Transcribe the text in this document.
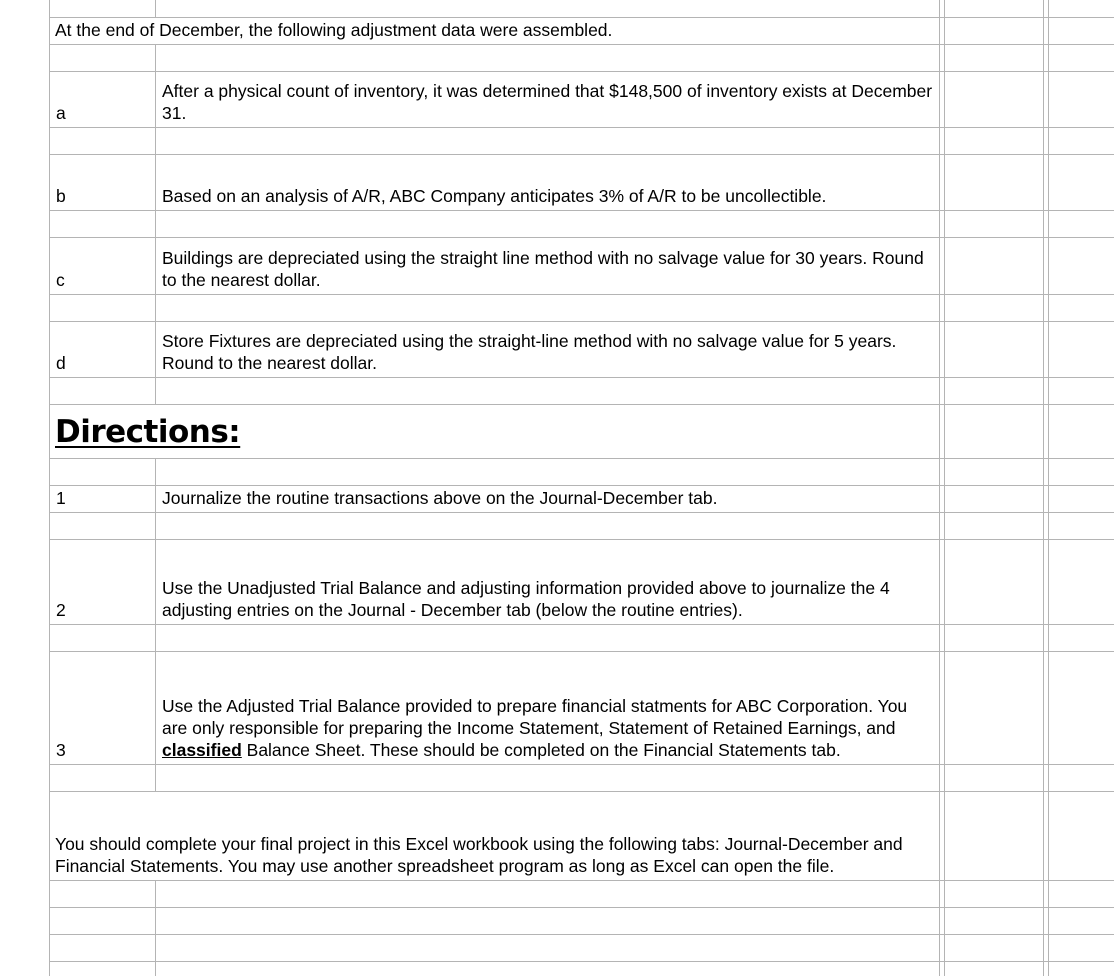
At the end of December, the following adjustment data were assembled.
a
After a physical count of inventory, it was determined that $148,500 of inventory exists at December 31.
b	Based on an analysis of A/R, ABC Company anticipates 3% of A/R to be uncollectible.
c
Buildings are depreciated using the straight line method with no salvage value for 30 years. Round to the nearest dollar.
d
Store Fixtures are depreciated using the straight-line method with no salvage value for 5 years. Round to the nearest dollar.
Directions:
1	Journalize the routine transactions above on the Journal-December tab.
2
Use the Unadjusted Trial Balance and adjusting information provided above to journalize the 4 adjusting entries on the Journal - December tab (below the routine entries).
3
Use the Adjusted Trial Balance provided to prepare financial statments for ABC Corporation. You are only responsible for preparing the Income Statement, Statement of Retained Earnings, and classified Balance Sheet. These should be completed on the Financial Statements tab.
You should complete your final project in this Excel workbook using the following tabs: Journal-December and Financial Statements. You may use another spreadsheet program as long as Excel can open the file.
